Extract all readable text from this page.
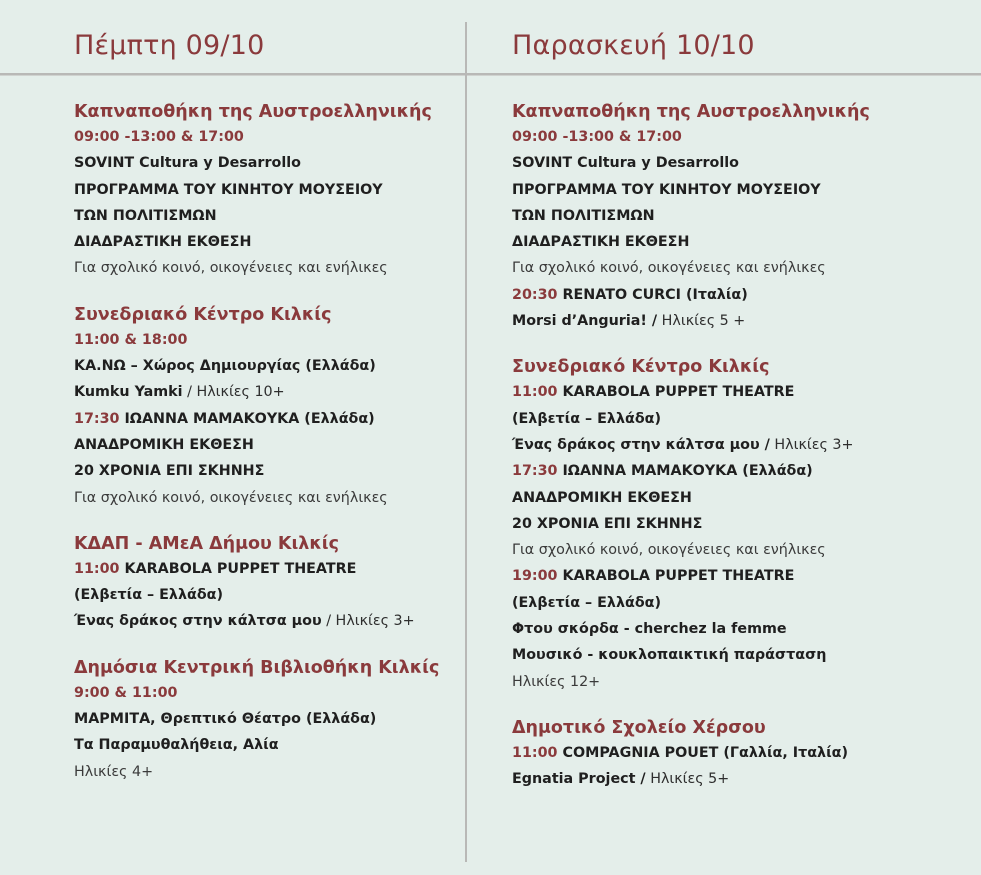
Πέμπτη 09/10	Παρασκευή 10/10
Καπναποθήκη της Αυστροελληνικής
09:00 -13:00 & 17:00
SOVINT Cultura y Desarrollo
ΠΡΟΓΡΑΜΜΑ ΤΟΥ ΚΙΝΗΤΟΥ ΜΟΥΣΕΙΟΥ
ΤΩΝ ΠΟΛΙΤΙΣΜΩΝ
ΔΙΑΔΡΑΣΤΙΚΗ ΕΚΘΕΣΗ
Για σχολικό κοινό, οικογένειες και ενήλικες
Συνεδριακό Κέντρο Κιλκίς
11:00 & 18:00
ΚΑ.ΝΩ – Χώρος Δημιουργίας (Ελλάδα)
Kumku Yamki / Ηλικίες 10+
17:30 ΙΩΑΝΝΑ ΜΑΜΑΚΟΥΚΑ (Ελλάδα)
ΑΝΑΔΡΟΜΙΚΗ ΕΚΘΕΣΗ
20 ΧΡΟΝΙΑ ΕΠΙ ΣΚΗΝΗΣ
Για σχολικό κοινό, οικογένειες και ενήλικες
ΚΔΑΠ - ΑΜεΑ Δήμου Κιλκίς
11:00 KARABOLA PUPPET THEATRE
(Ελβετία – Ελλάδα)
Ένας δράκος στην κάλτσα μου / Ηλικίες 3+
Δημόσια Κεντρική Βιβλιοθήκη Κιλκίς
9:00 & 11:00
ΜΑΡΜΙΤΑ, Θρεπτικό Θέατρο (Ελλάδα)
Τα Παραμυθαλήθεια, Αλία
Ηλικίες 4+
Καπναποθήκη της Αυστροελληνικής
09:00 -13:00 & 17:00
SOVINT Cultura y Desarrollo
ΠΡΟΓΡΑΜΜΑ ΤΟΥ ΚΙΝΗΤΟΥ ΜΟΥΣΕΙΟΥ
ΤΩΝ ΠΟΛΙΤΙΣΜΩΝ
ΔΙΑΔΡΑΣΤΙΚΗ ΕΚΘΕΣΗ
Για σχολικό κοινό, οικογένειες και ενήλικες
20:30 RENATO CURCI (Ιταλία)
Morsi d’Anguria! / Ηλικίες 5 +
Συνεδριακό Κέντρο Κιλκίς
11:00 KARABOLA PUPPET THEATRE
(Ελβετία – Ελλάδα)
Ένας δράκος στην κάλτσα μου / Ηλικίες 3+
17:30 ΙΩΑΝΝΑ ΜΑΜΑΚΟΥΚΑ (Ελλάδα)
ΑΝΑΔΡΟΜΙΚΗ ΕΚΘΕΣΗ
20 ΧΡΟΝΙΑ ΕΠΙ ΣΚΗΝΗΣ
Για σχολικό κοινό, οικογένειες και ενήλικες
19:00 KARABOLA PUPPET THEATRE
(Ελβετία – Ελλάδα)
Φτου σκόρδα - cherchez la femme
Μουσικό - κουκλοπαικτική παράσταση
Ηλικίες 12+
Δημοτικό Σχολείο Χέρσου
11:00 COMPAGNIA POUET (Γαλλία, Ιταλία)
Egnatia Project / Ηλικίες 5+
